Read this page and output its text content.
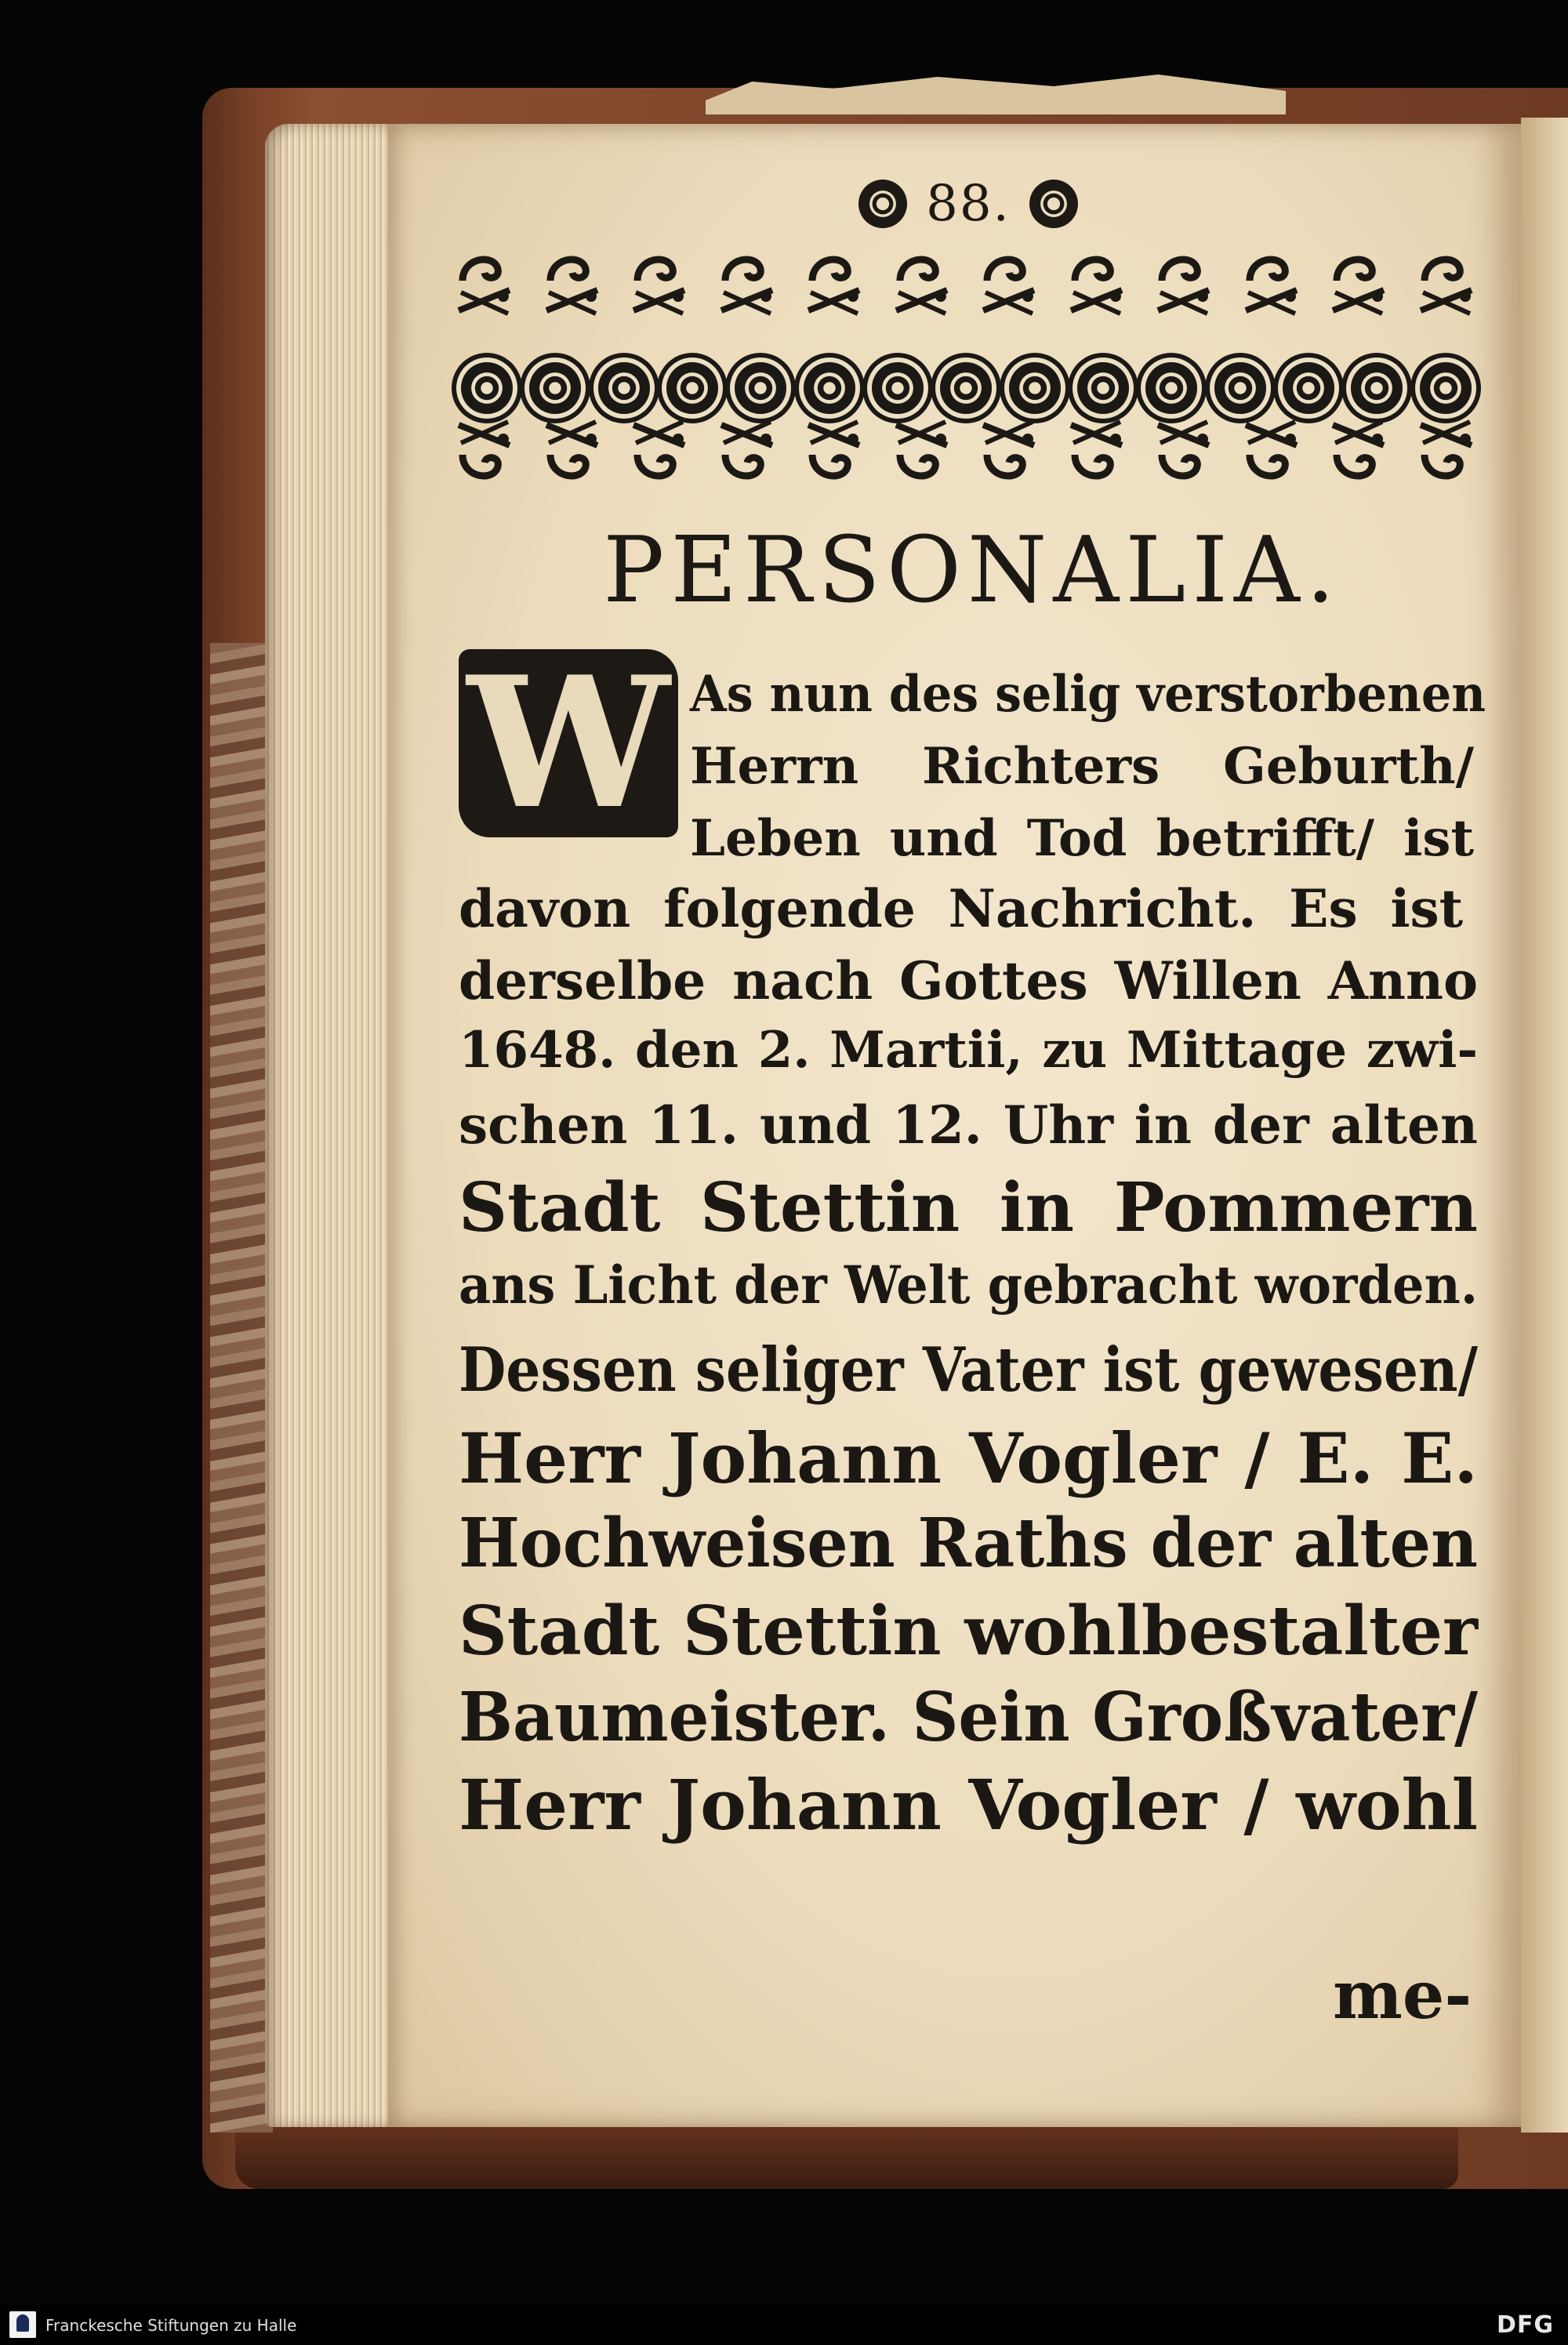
88.
PERSONALIA.
W As nun des selig verstorbenen
Herrn Richters Geburth/
Leben und Tod betrifft/ ist
davon folgende Nachricht. Es ist
derselbe nach Gottes Willen Anno
1648. den 2. Martii, zu Mittage zwi-
schen 11. und 12. Uhr in der alten
Stadt Stettin in Pommern
ans Licht der Welt gebracht worden.
Dessen seliger Vater ist gewesen/
Herr Johann Vogler / E. E.
Hochweisen Raths der alten
Stadt Stettin wohlbestalter
Baumeister. Sein Großvater/
Herr Johann Vogler / wohl
me-
Franckesche Stiftungen zu Halle	DFG
